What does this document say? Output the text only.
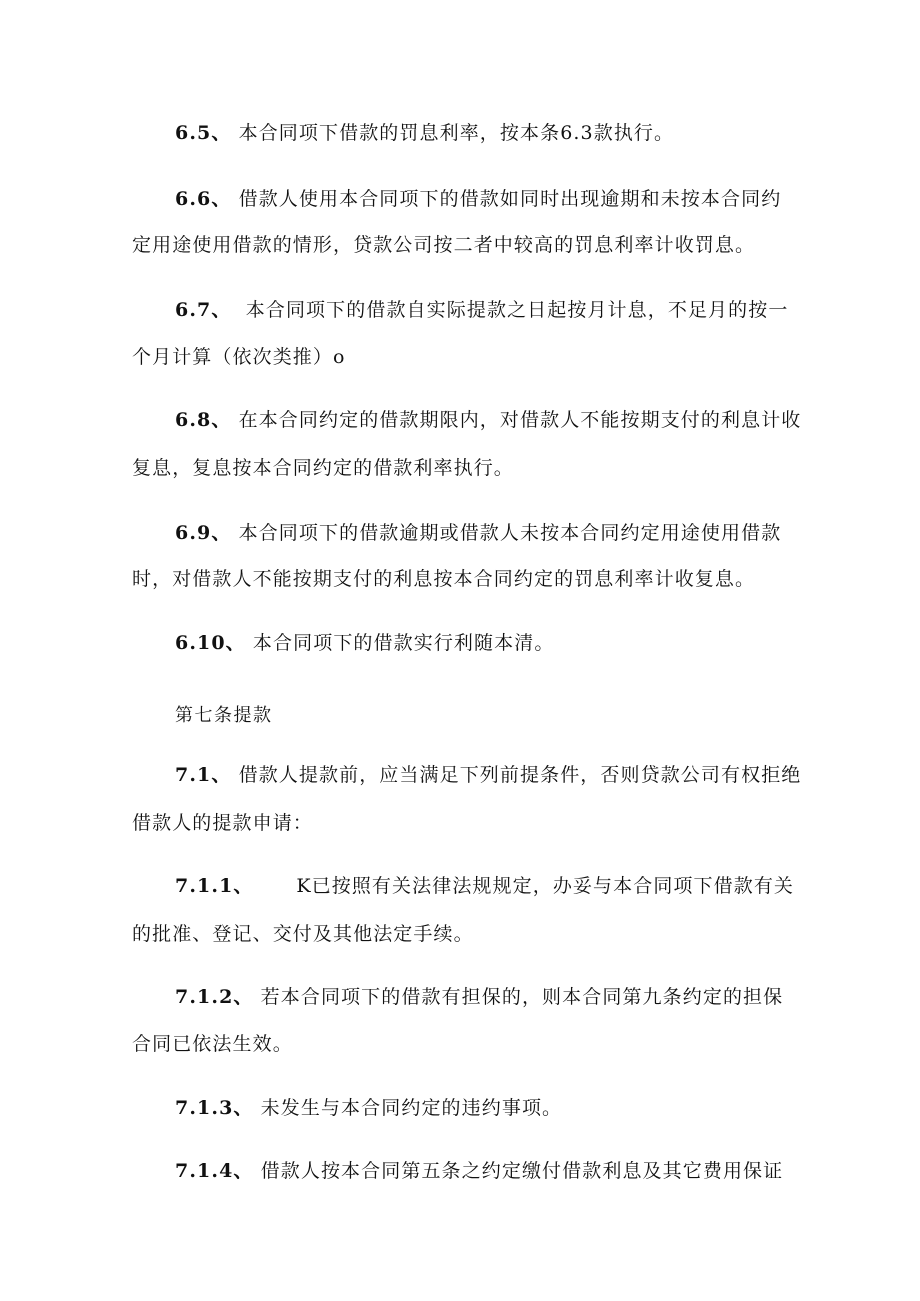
6.5、 本合同项下借款的罚息利率，按本条6.3款执行。
6.6、 借款人使用本合同项下的借款如同时出现逾期和未按本合同约
定用途使用借款的情形，贷款公司按二者中较高的罚息利率计收罚息。
6.7、  本合同项下的借款自实际提款之日起按月计息，不足月的按一
个月计算（依次类推）o
6.8、 在本合同约定的借款期限内，对借款人不能按期支付的利息计收
复息，复息按本合同约定的借款利率执行。
6.9、 本合同项下的借款逾期或借款人未按本合同约定用途使用借款
时，对借款人不能按期支付的利息按本合同约定的罚息利率计收复息。
6.10、 本合同项下的借款实行利随本清。
第七条提款
7.1、 借款人提款前，应当满足下列前提条件，否则贷款公司有权拒绝
借款人的提款申请：
7.1.1、      K已按照有关法律法规规定，办妥与本合同项下借款有关
的批准、登记、交付及其他法定手续。
7.1.2、 若本合同项下的借款有担保的，则本合同第九条约定的担保
合同已依法生效。
7.1.3、 未发生与本合同约定的违约事项。
7.1.4、 借款人按本合同第五条之约定缴付借款利息及其它费用保证
